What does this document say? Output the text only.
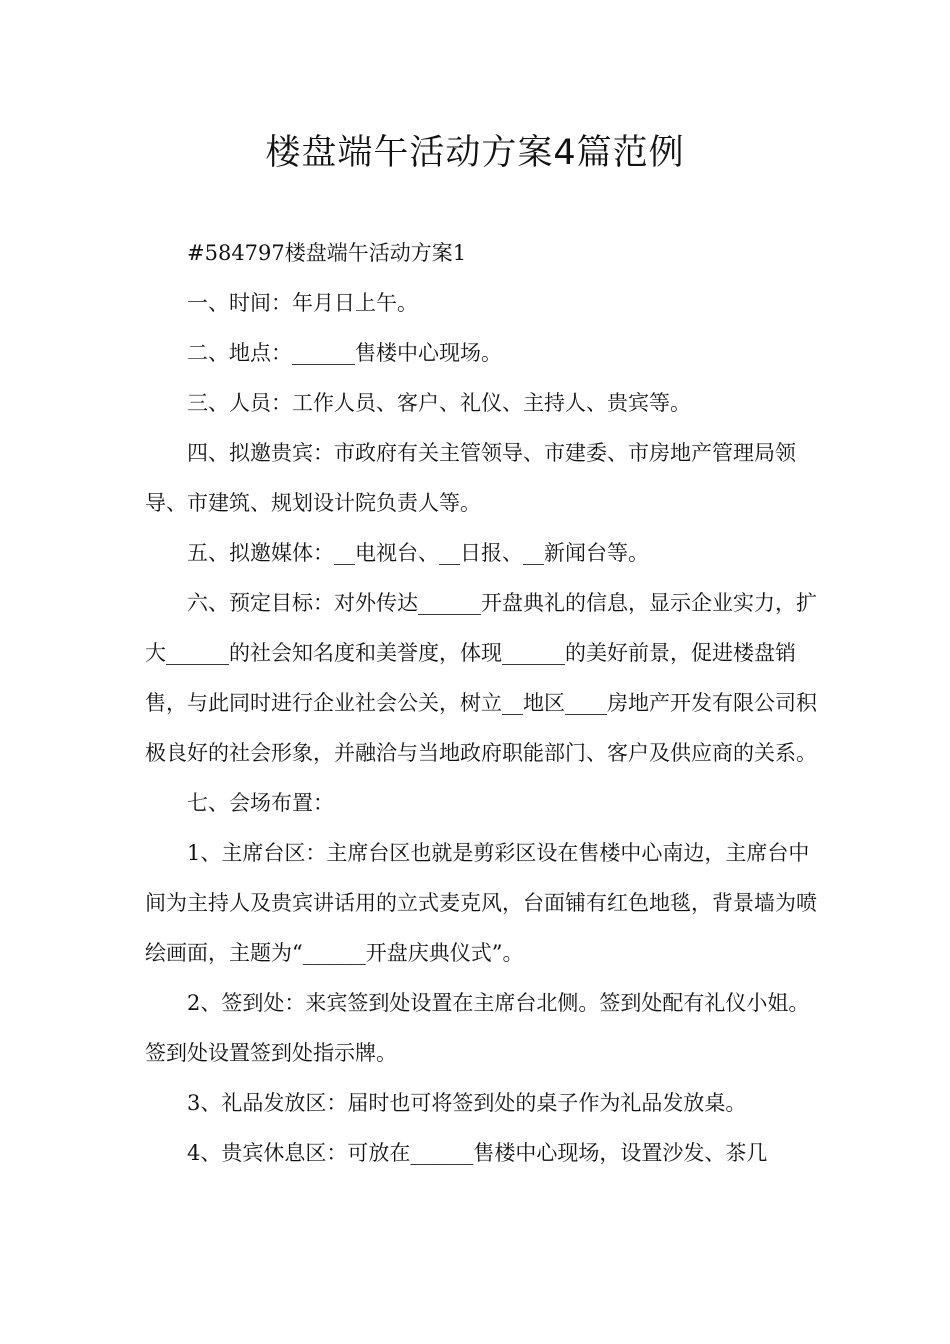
楼盘端午活动方案4篇范例

#584797楼盘端午活动方案1

一、时间：年月日上午。

二、地点：______售楼中心现场。

三、人员：工作人员、客户、礼仪、主持人、贵宾等。

四、拟邀贵宾：市政府有关主管领导、市建委、市房地产管理局领导、市建筑、规划设计院负责人等。

五、拟邀媒体：__电视台、__日报、__新闻台等。

六、预定目标：对外传达______开盘典礼的信息，显示企业实力，扩大______的社会知名度和美誉度，体现______的美好前景，促进楼盘销售，与此同时进行企业社会公关，树立__地区____房地产开发有限公司积极良好的社会形象，并融洽与当地政府职能部门、客户及供应商的关系。

七、会场布置：

1、主席台区：主席台区也就是剪彩区设在售楼中心南边，主席台中间为主持人及贵宾讲话用的立式麦克风，台面铺有红色地毯，背景墙为喷绘画面，主题为“______开盘庆典仪式”。

2、签到处：来宾签到处设置在主席台北侧。签到处配有礼仪小姐。签到处设置签到处指示牌。

3、礼品发放区：届时也可将签到处的桌子作为礼品发放桌。

4、贵宾休息区：可放在______售楼中心现场，设置沙发、茶几
